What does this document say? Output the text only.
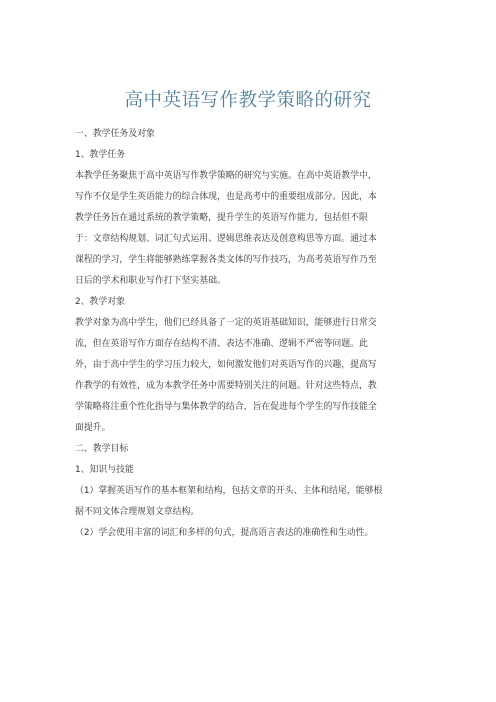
高中英语写作教学策略的研究
一、教学任务及对象
1、教学任务
本教学任务聚焦于高中英语写作教学策略的研究与实施。在高中英语教学中，
写作不仅是学生英语能力的综合体现，也是高考中的重要组成部分。因此，本
教学任务旨在通过系统的教学策略，提升学生的英语写作能力，包括但不限
于：文章结构规划、词汇句式运用、逻辑思维表达及创意构思等方面。通过本
课程的学习，学生将能够熟练掌握各类文体的写作技巧，为高考英语写作乃至
日后的学术和职业写作打下坚实基础。
2、教学对象
教学对象为高中学生，他们已经具备了一定的英语基础知识，能够进行日常交
流，但在英语写作方面存在结构不清、表达不准确、逻辑不严密等问题。此
外，由于高中学生的学习压力较大，如何激发他们对英语写作的兴趣，提高写
作教学的有效性，成为本教学任务中需要特别关注的问题。针对这些特点，教
学策略将注重个性化指导与集体教学的结合，旨在促进每个学生的写作技能全
面提升。
二、教学目标
1、知识与技能
（1）掌握英语写作的基本框架和结构，包括文章的开头、主体和结尾，能够根
据不同文体合理规划文章结构。
（2）学会使用丰富的词汇和多样的句式，提高语言表达的准确性和生动性。
